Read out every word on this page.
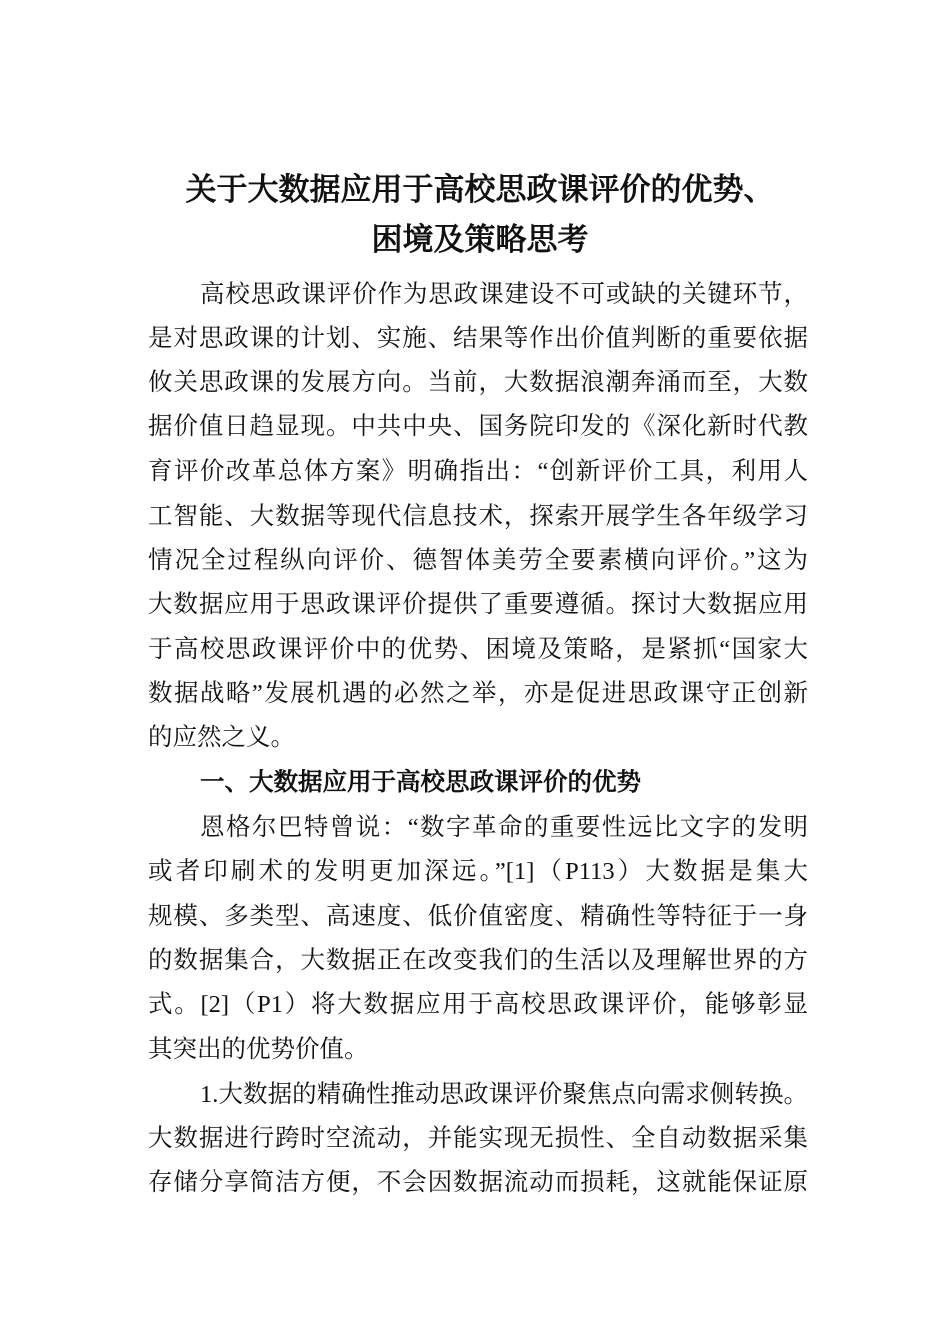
关于大数据应用于高校思政课评价的优势、
困境及策略思考
高校思政课评价作为思政课建设不可或缺的关键环节，
是对思政课的计划、实施、结果等作出价值判断的重要依据
攸关思政课的发展方向。当前，大数据浪潮奔涌而至，大数
据价值日趋显现。中共中央、国务院印发的《深化新时代教
育评价改革总体方案》明确指出：“创新评价工具，利用人
工智能、大数据等现代信息技术，探索开展学生各年级学习
情况全过程纵向评价、德智体美劳全要素横向评价。”这为
大数据应用于思政课评价提供了重要遵循。探讨大数据应用
于高校思政课评价中的优势、困境及策略，是紧抓“国家大
数据战略”发展机遇的必然之举，亦是促进思政课守正创新
的应然之义。
一、大数据应用于高校思政课评价的优势
恩格尔巴特曾说：“数字革命的重要性远比文字的发明
或者印刷术的发明更加深远。”[1]（P113）大数据是集大
规模、多类型、高速度、低价值密度、精确性等特征于一身
的数据集合，大数据正在改变我们的生活以及理解世界的方
式。[2]（P1）将大数据应用于高校思政课评价，能够彰显
其突出的优势价值。
1.大数据的精确性推动思政课评价聚焦点向需求侧转换。
大数据进行跨时空流动，并能实现无损性、全自动数据采集
存储分享简洁方便，不会因数据流动而损耗，这就能保证原
